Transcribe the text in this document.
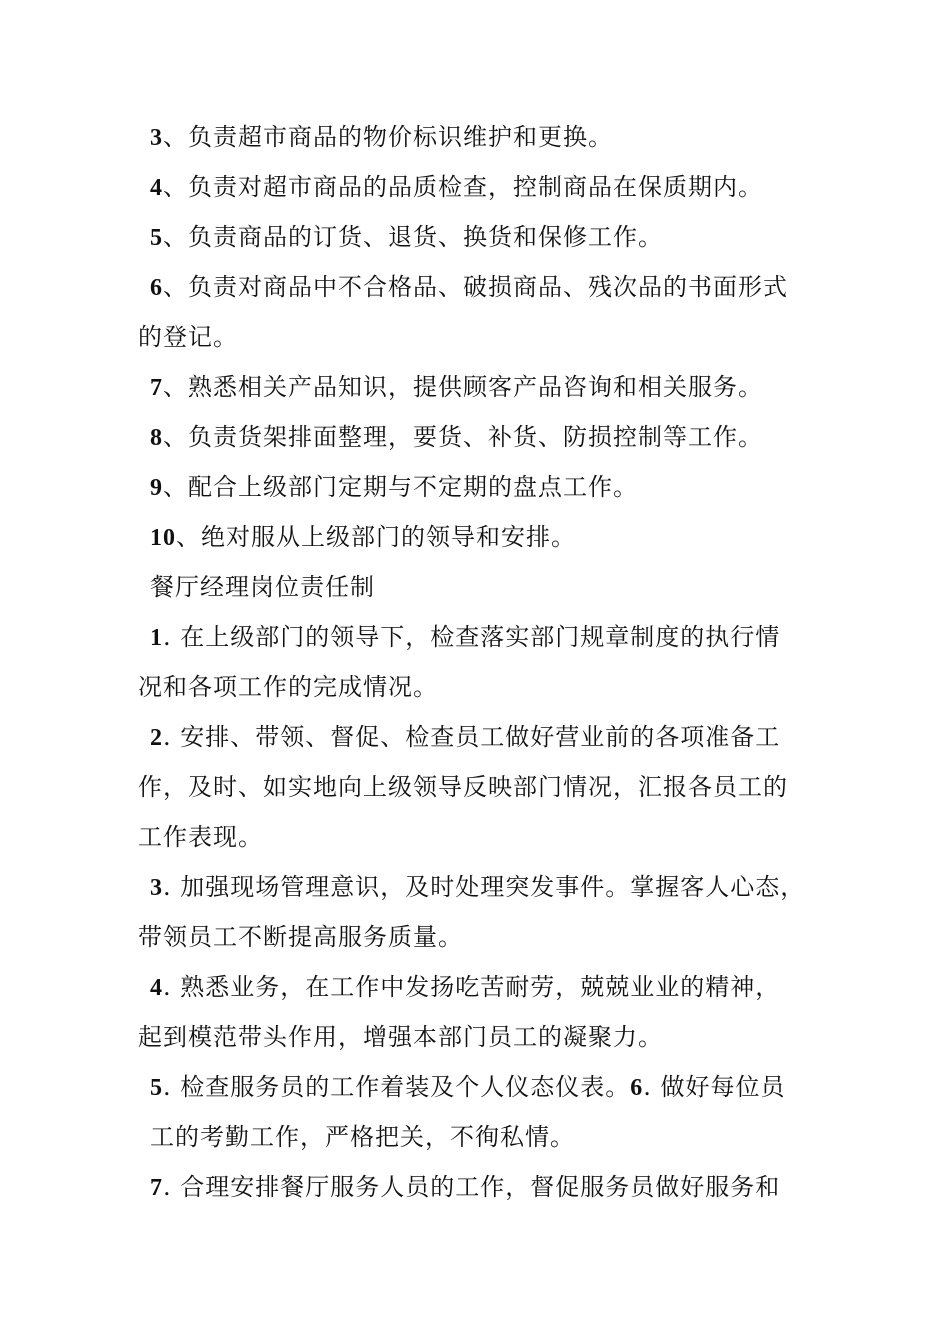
3、负责超市商品的物价标识维护和更换。
4、负责对超市商品的品质检查，控制商品在保质期内。
5、负责商品的订货、退货、换货和保修工作。
6、负责对商品中不合格品、破损商品、残次品的书面形式
的登记。
7、熟悉相关产品知识，提供顾客产品咨询和相关服务。
8、负责货架排面整理，要货、补货、防损控制等工作。
9、配合上级部门定期与不定期的盘点工作。
10、绝对服从上级部门的领导和安排。
餐厅经理岗位责任制
1. 在上级部门的领导下，检查落实部门规章制度的执行情
况和各项工作的完成情况。
2. 安排、带领、督促、检查员工做好营业前的各项准备工
作，及时、如实地向上级领导反映部门情况，汇报各员工的
工作表现。
3. 加强现场管理意识，及时处理突发事件。掌握客人心态，
带领员工不断提高服务质量。
4. 熟悉业务，在工作中发扬吃苦耐劳，兢兢业业的精神，
起到模范带头作用，增强本部门员工的凝聚力。
5. 检查服务员的工作着装及个人仪态仪表。6. 做好每位员
工的考勤工作，严格把关，不徇私情。
7. 合理安排餐厅服务人员的工作，督促服务员做好服务和
